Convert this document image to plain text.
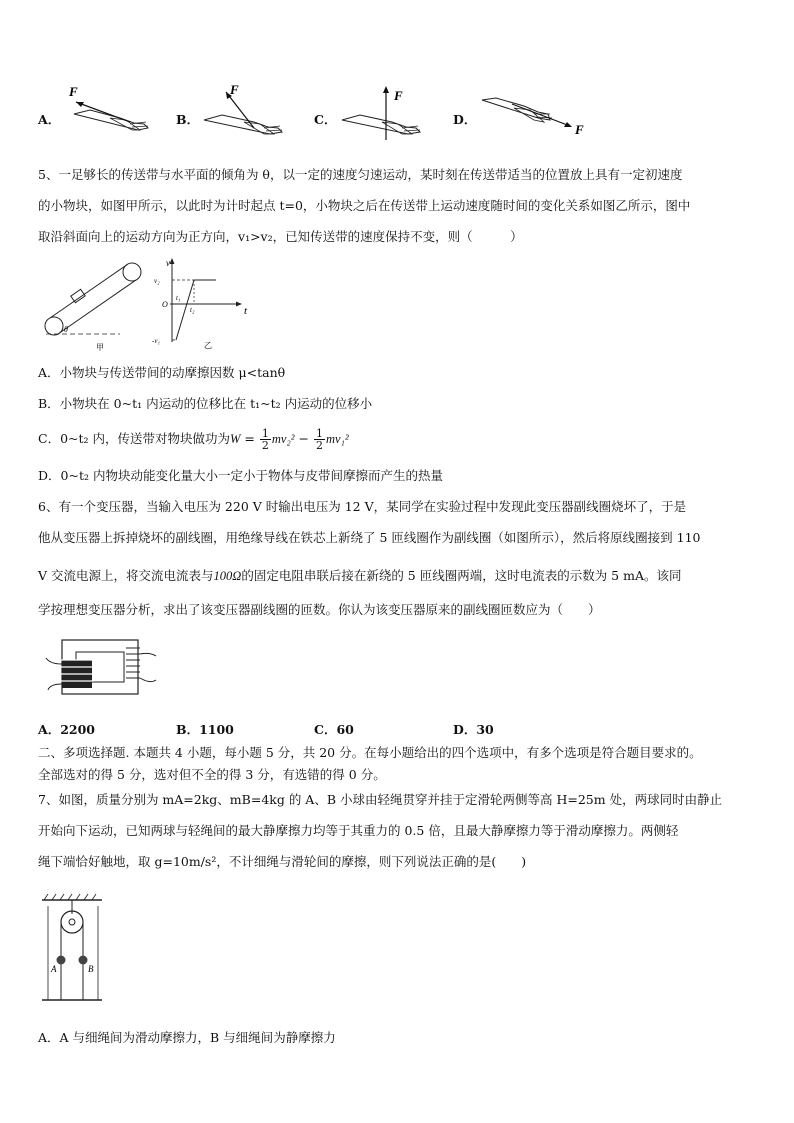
A．
F
B．
F
C．
F
D．
F
5、一足够长的传送带与水平面的倾角为 θ，以一定的速度匀速运动，某时刻在传送带适当的位置放上具有一定初速度
的小物块，如图甲所示，以此时为计时起点 t=0，小物块之后在传送带上运动速度随时间的变化关系如图乙所示，图中
取沿斜面向上的运动方向为正方向，v₁>v₂，已知传送带的速度保持不变，则（　　　）
θ
甲
v
t
v₂
O
t₁
t₂
-v₁	乙
A．小物块与传送带间的动摩擦因数 μ<tanθ
B．小物块在 0~t₁ 内运动的位移比在 t₁~t₂ 内运动的位移小
C．0~t₂ 内，传送带对物块做功为$W = \frac{1}{2} mv_2^2 - \frac{1}{2} mv_1^2$
D．0~t₂ 内物块动能变化量大小一定小于物体与皮带间摩擦而产生的热量
6、有一个变压器，当输入电压为 220 V 时输出电压为 12 V，某同学在实验过程中发现此变压器副线圈烧坏了，于是
他从变压器上拆掉烧坏的副线圈，用绝缘导线在铁芯上新绕了 5 匝线圈作为副线圈（如图所示），然后将原线圈接到 110
V 交流电源上，将交流电流表与100Ω的固定电阻串联后接在新绕的 5 匝线圈两端，这时电流表的示数为 5 mA。该同
学按理想变压器分析，求出了该变压器副线圈的匝数。你认为该变压器原来的副线圈匝数应为（　　）
A．2200	B．1100	C．60	D．30
二、多项选择题. 本题共 4 小题，每小题 5 分，共 20 分。在每小题给出的四个选项中，有多个选项是符合题目要求的。
全部选对的得 5 分，选对但不全的得 3 分，有选错的得 0 分。
7、如图，质量分别为 mA=2kg、mB=4kg 的 A、B 小球由轻绳贯穿并挂于定滑轮两侧等高 H=25m 处，两球同时由静止
开始向下运动，已知两球与轻绳间的最大静摩擦力均等于其重力的 0.5 倍，且最大静摩擦力等于滑动摩擦力。两侧轻
绳下端恰好触地，取 g=10m/s²，不计细绳与滑轮间的摩擦，则下列说法正确的是(　　)
A	B
A．A 与细绳间为滑动摩擦力，B 与细绳间为静摩擦力
